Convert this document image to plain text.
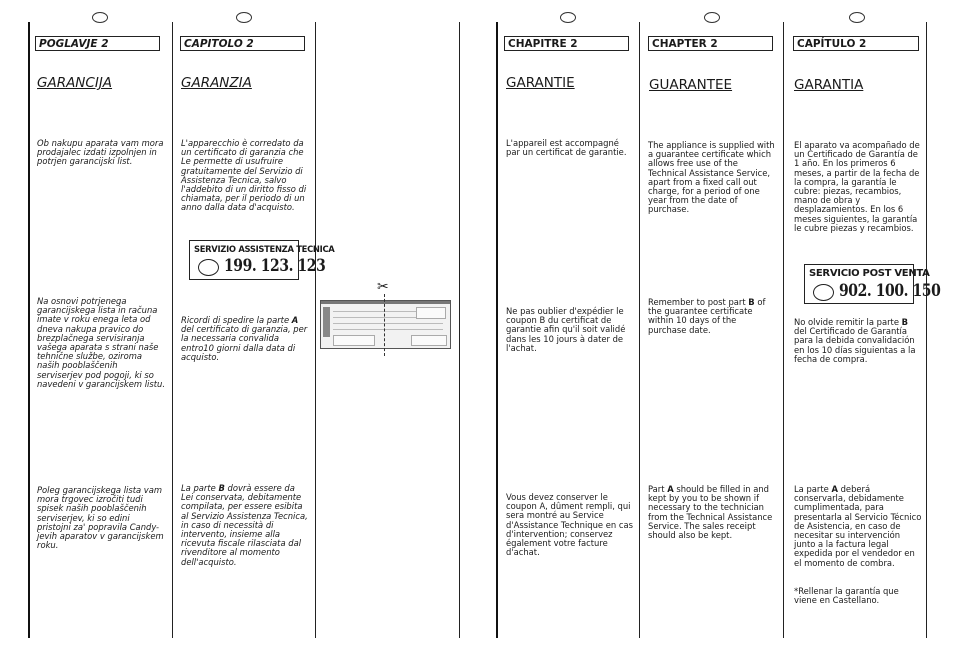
POGLAVJE 2
GARANCIJA
Ob nakupu aparata vam mora prodajalec izdati izpolnjen in potrjen garancijski list.
Na osnovi potrjenega garancijskega lista in računa imate v roku enega leta od dneva nakupa pravico do brezplačnega servisiranja vašega aparata s strani naše tehnične službe, oziroma naših pooblaščenih serviserjev pod pogoji, ki so navedeni v garancijskem listu.
Poleg garancijskega lista vam mora trgovec izročiti tudi spisek naših pooblaščenih serviserjev, ki so edini pristojni za' popravila Candy-jevih aparatov v garancijskem roku.
CAPITOLO 2
GARANZIA
L'apparecchio è corredato da un certificato di garanzia che Le permette di usufruire gratuitamente del Servizio di Assistenza Tecnica, salvo l'addebito di un diritto fisso di chiamata, per il periodo di un anno dalla data d'acquisto.
SERVIZIO ASSISTENZA TECNICA
199. 123. 123
Ricordi di spedire la parte A del certificato di garanzia, per la necessaria convalida entro10 giorni dalla data di acquisto.
La parte B dovrà essere da Lei conservata, debitamente compilata, per essere esibita al Servizio Assistenza Tecnica, in caso di necessità di intervento, insieme alla ricevuta fiscale rilasciata dal rivenditore al momento dell'acquisto.
✂
CHAPITRE 2
GARANTIE
L'appareil est accompagné par un certificat de garantie.
Ne pas oublier d'expédier le coupon B du certificat de garantie afin qu'il soit validé dans les 10 jours à dater de l'achat.
Vous devez conserver le coupon A, dûment rempli, qui sera montré au Service d'Assistance Technique en cas d'intervention; conservez également votre facture d'achat.
CHAPTER 2
GUARANTEE
The appliance is supplied with a guarantee certificate which allows free use of the Technical Assistance Service, apart from a fixed call out charge, for a period of one year from the date of purchase.
Remember to post part B of the guarantee certificate within 10 days of the purchase date.
Part A should be filled in and kept by you to be shown if necessary to the technician from the Technical Assistance Service. The sales receipt should also be kept.
CAPÍTULO 2
GARANTIA
El aparato va acompañado de un Certificado de Garantía de 1 año. En los primeros 6 meses, a partir de la fecha de la compra, la garantía le cubre: piezas, recambios, mano de obra y desplazamientos. En los 6 meses siguientes, la garantía le cubre piezas y recambios.
SERVICIO POST VENTA
902. 100. 150
No olvide remitir la parte B del Certificado de Garantía para la debida convalidación en los 10 días siguientas a la fecha de compra.
La parte A deberá conservarla, debidamente cumplimentada, para presentarla al Servicio Técnico de Asistencia, en caso de necesitar su intervención junto a la factura legal expedida por el vendedor en el momento de combra.
*Rellenar la garantía que viene en Castellano.
